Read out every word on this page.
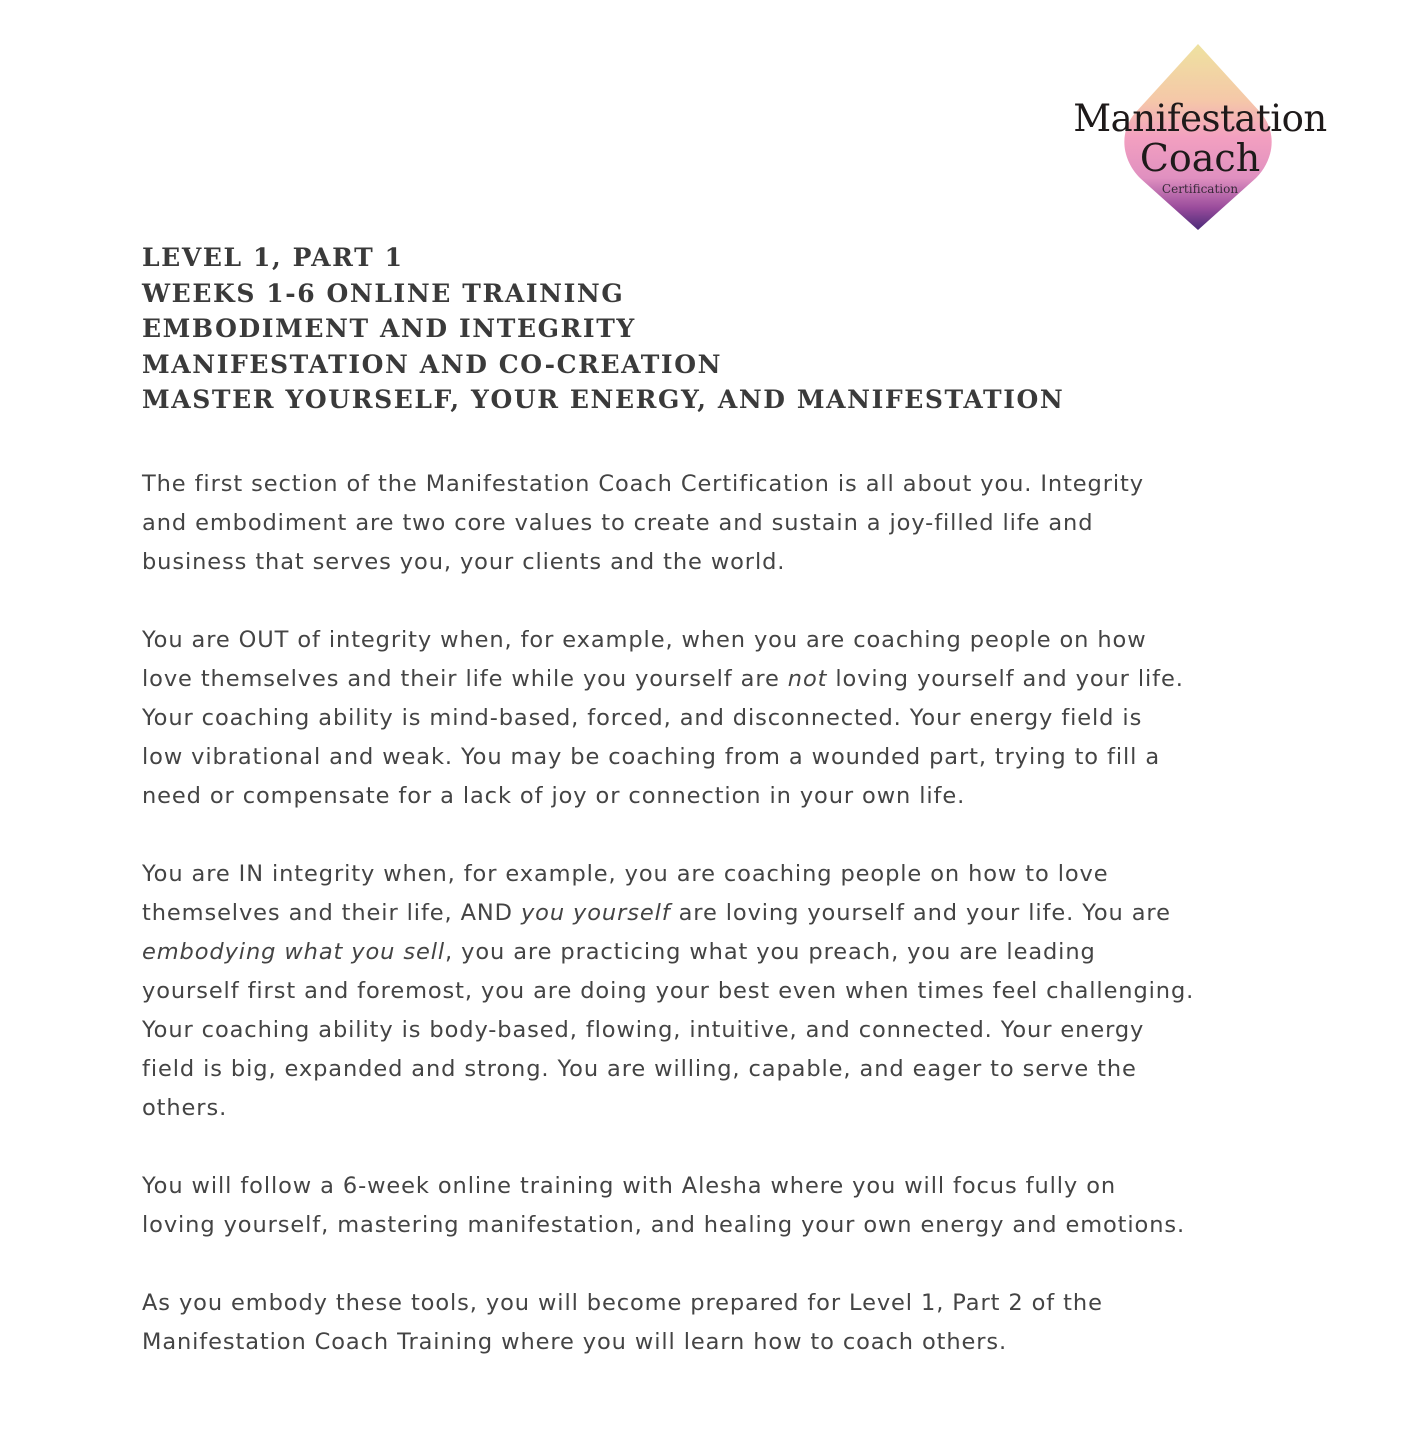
Manifestation
Coach
Certification
LEVEL 1, PART 1
WEEKS 1-6 ONLINE TRAINING
EMBODIMENT AND INTEGRITY
MANIFESTATION AND CO-CREATION
MASTER YOURSELF, YOUR ENERGY, AND MANIFESTATION
The first section of the Manifestation Coach Certification is all about you. Integrity
and embodiment are two core values to create and sustain a joy-filled life and
business that serves you, your clients and the world.
You are OUT of integrity when, for example, when you are coaching people on how
love themselves and their life while you yourself are not loving yourself and your life.
Your coaching ability is mind-based, forced, and disconnected. Your energy field is
low vibrational and weak. You may be coaching from a wounded part, trying to fill a
need or compensate for a lack of joy or connection in your own life.
You are IN integrity when, for example, you are coaching people on how to love
themselves and their life, AND you yourself are loving yourself and your life. You are
embodying what you sell, you are practicing what you preach, you are leading
yourself first and foremost, you are doing your best even when times feel challenging.
Your coaching ability is body-based, flowing, intuitive, and connected. Your energy
field is big, expanded and strong. You are willing, capable, and eager to serve the
others.
You will follow a 6-week online training with Alesha where you will focus fully on
loving yourself, mastering manifestation, and healing your own energy and emotions.
As you embody these tools, you will become prepared for Level 1, Part 2 of the
Manifestation Coach Training where you will learn how to coach others.
